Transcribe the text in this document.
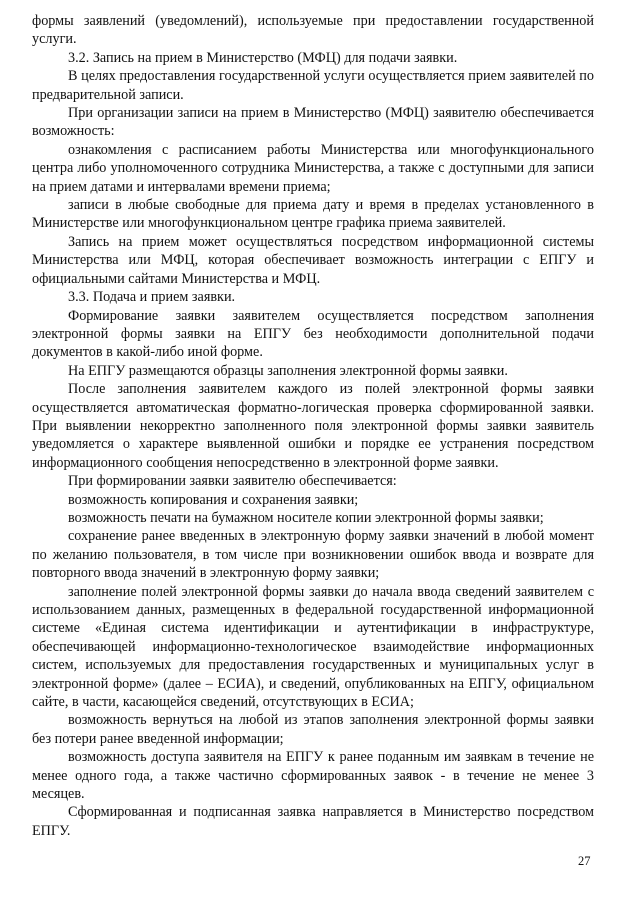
формы заявлений (уведомлений), используемые при предоставлении государственной услуги.

3.2. Запись на прием в Министерство (МФЦ) для подачи заявки.

В целях предоставления государственной услуги осуществляется прием заявителей по предварительной записи.

При организации записи на прием в Министерство (МФЦ) заявителю обеспечивается возможность:

ознакомления с расписанием работы Министерства или многофункционального центра либо уполномоченного сотрудника Министерства, а также с доступными для записи на прием датами и интервалами времени приема;

записи в любые свободные для приема дату и время в пределах установленного в Министерстве или многофункциональном центре графика приема заявителей.

Запись на прием может осуществляться посредством информационной системы Министерства или МФЦ, которая обеспечивает возможность интеграции с ЕПГУ и официальными сайтами Министерства и МФЦ.

3.3. Подача и прием заявки.

Формирование заявки заявителем осуществляется посредством заполнения электронной формы заявки на ЕПГУ без необходимости дополнительной подачи документов в какой-либо иной форме.

На ЕПГУ размещаются образцы заполнения электронной формы заявки.

После заполнения заявителем каждого из полей электронной формы заявки осуществляется автоматическая форматно-логическая проверка сформированной заявки. При выявлении некорректно заполненного поля электронной формы заявки заявитель уведомляется о характере выявленной ошибки и порядке ее устранения посредством информационного сообщения непосредственно в электронной форме заявки.

При формировании заявки заявителю обеспечивается:

возможность копирования и сохранения заявки;

возможность печати на бумажном носителе копии электронной формы заявки;

сохранение ранее введенных в электронную форму заявки значений в любой момент по желанию пользователя, в том числе при возникновении ошибок ввода и возврате для повторного ввода значений в электронную форму заявки;

заполнение полей электронной формы заявки до начала ввода сведений заявителем с использованием данных, размещенных в федеральной государственной информационной системе «Единая система идентификации и аутентификации в инфраструктуре, обеспечивающей информационно-технологическое взаимодействие информационных систем, используемых для предоставления государственных и муниципальных услуг в электронной форме» (далее – ЕСИА), и сведений, опубликованных на ЕПГУ, официальном сайте, в части, касающейся сведений, отсутствующих в ЕСИА;

возможность вернуться на любой из этапов заполнения электронной формы заявки без потери ранее введенной информации;

возможность доступа заявителя на ЕПГУ к ранее поданным им заявкам в течение не менее одного года, а также частично сформированных заявок - в течение не менее 3 месяцев.

Сформированная и подписанная заявка направляется в Министерство посредством ЕПГУ.

27
